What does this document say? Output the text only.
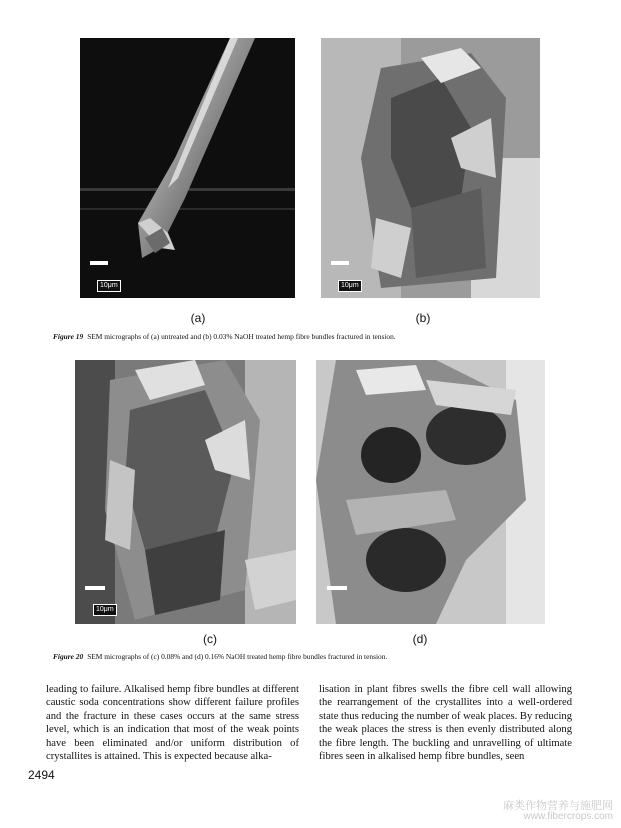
10μm	10μm
(a)	(b)
Figure 19 SEM micrographs of (a) untreated and (b) 0.03% NaOH treated hemp fibre bundles fractured in tension.
10μm
(c)	(d)
Figure 20 SEM micrographs of (c) 0.08% and (d) 0.16% NaOH treated hemp fibre bundles fractured in tension.
leading to failure. Alkalised hemp fibre bundles at different caustic soda concentrations show different failure profiles and the fracture in these cases occurs at the same stress level, which is an indication that most of the weak points have been eliminated and/or uniform distribution of crystallites is attained. This is expected because alka-
lisation in plant fibres swells the fibre cell wall allowing the rearrangement of the crystallites into a well-ordered state thus reducing the number of weak places. By reducing the weak places the stress is then evenly distributed along the fibre length. The buckling and unravelling of ultimate fibres seen in alkalised hemp fibre bundles, seen
2494
麻类作物营养与施肥网
www.fibercrops.com
